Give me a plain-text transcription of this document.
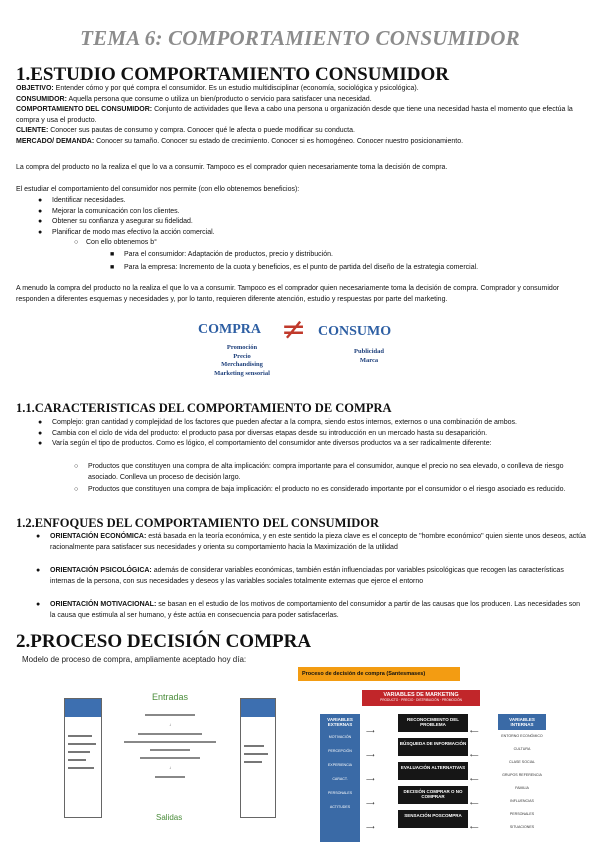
TEMA 6: COMPORTAMIENTO CONSUMIDOR
1.ESTUDIO COMPORTAMIENTO CONSUMIDOR
OBJETIVO: Entender cómo y por qué compra el consumidor. Es un estudio multidisciplinar (economía, sociológica y psicológica).
CONSUMIDOR: Aquella persona que consume o utiliza un bien/producto o servicio para satisfacer una necesidad.
COMPORTAMIENTO DEL CONSUMIDOR: Conjunto de actividades que lleva a cabo una persona u organización desde que tiene una necesidad hasta el momento que efectúa la compra y usa el producto.
CLIENTE: Conocer sus pautas de consumo y compra. Conocer qué le afecta o puede modificar su conducta.
MERCADO/ DEMANDA: Conocer su tamaño. Conocer su estado de crecimiento. Conocer si es homogéneo. Conocer nuestro posicionamiento.
La compra del producto no la realiza el que lo va a consumir. Tampoco es el comprador quien necesariamente toma la decisión de compra.
El estudiar el comportamiento del consumidor nos permite (con ello obtenemos beneficios):
● Identificar necesidades.
● Mejorar la comunicación con los clientes.
● Obtener su confianza y asegurar su fidelidad.
● Planificar de modo mas efectivo la acción comercial.
○ Con ello obtenemos b°
■ Para el consumidor: Adaptación de productos, precio y distribución.
■ Para la empresa: Incremento de la cuota y beneficios, es el punto de partida del diseño de la estrategia comercial.
A menudo la compra del producto no la realiza el que lo va a consumir. Tampoco es el comprador quien necesariamente toma la decisión de compra. Comprador y consumidor responden a diferentes esquemas y necesidades y, por lo tanto, requieren diferente atención, estudio y respuestas por parte del marketing.
COMPRA ≠ CONSUMO
Promoción
Precio
Merchandising
Marketing sensorial
Publicidad
Marca
1.1.CARACTERISTICAS DEL COMPORTAMIENTO DE COMPRA
● Complejo: gran cantidad y complejidad de los factores que pueden afectar a la compra, siendo estos internos, externos o una combinación de ambos.
● Cambia con el ciclo de vida del producto: el producto pasa por diversas etapas desde su introducción en un mercado hasta su desaparición.
● Varía según el tipo de productos. Como es lógico, el comportamiento del consumidor ante diversos productos va a ser radicalmente diferente:
○ Productos que constituyen una compra de alta implicación: compra importante para el consumidor, aunque el precio no sea elevado, o conlleva de riesgo asociado. Conlleva un proceso de decisión largo.
○ Productos que constituyen una compra de baja implicación: el producto no es considerado importante por el consumidor o el riesgo asociado es reducido.
1.2.ENFOQUES DEL COMPORTAMIENTO DEL CONSUMIDOR
● ORIENTACIÓN ECONÓMICA: está basada en la teoría económica, y en este sentido la pieza clave es el concepto de "hombre económico" quien siente unos deseos, actúa racionalmente para satisfacer sus necesidades y orienta su comportamiento hacia la Maximización de la utilidad
● ORIENTACIÓN PSICOLÓGICA: además de considerar variables económicas, también están influenciadas por variables psicológicas que recogen las características internas de la persona, con sus necesidades y deseos y las variables sociales totalmente externas que ejerce el entorno
● ORIENTACIÓN MOTIVACIONAL: se basan en el estudio de los motivos de comportamiento del consumidor a partir de las causas que los producen. Las necesidades son la causa que estimula al ser humano, y éste actúa en consecuencia para poder satisfacerlas.
2.PROCESO DECISIÓN COMPRA
Modelo de proceso de compra, ampliamente aceptado hoy día:
Entradas
↓
↓
Salidas
Proceso de decisión de compra (Santesmases)
VARIABLES DE MARKETING
PRODUCTO · PRECIO · DISTRIBUCIÓN · PROMOCIÓN
VARIABLES EXTERNAS
MOTIVACIÓN
PERCEPCIÓN
EXPERIENCIA
CARACT. PERSONALES
ACTITUDES
RECONOCIMIENTO DEL PROBLEMA
BÚSQUEDA DE INFORMACIÓN
EVALUACIÓN ALTERNATIVAS
DECISIÓN COMPRAR O NO COMPRAR
SENSACIÓN POSCOMPRA
⟶
⟶
⟶
⟶
⟶
⟵
⟵
⟵
⟵
⟵
VARIABLES INTERNAS
ENTORNO ECONÓMICO
CULTURA
CLASE SOCIAL
GRUPOS REFERENCIA
FAMILIA
INFLUENCIAS PERSONALES
SITUACIONES
